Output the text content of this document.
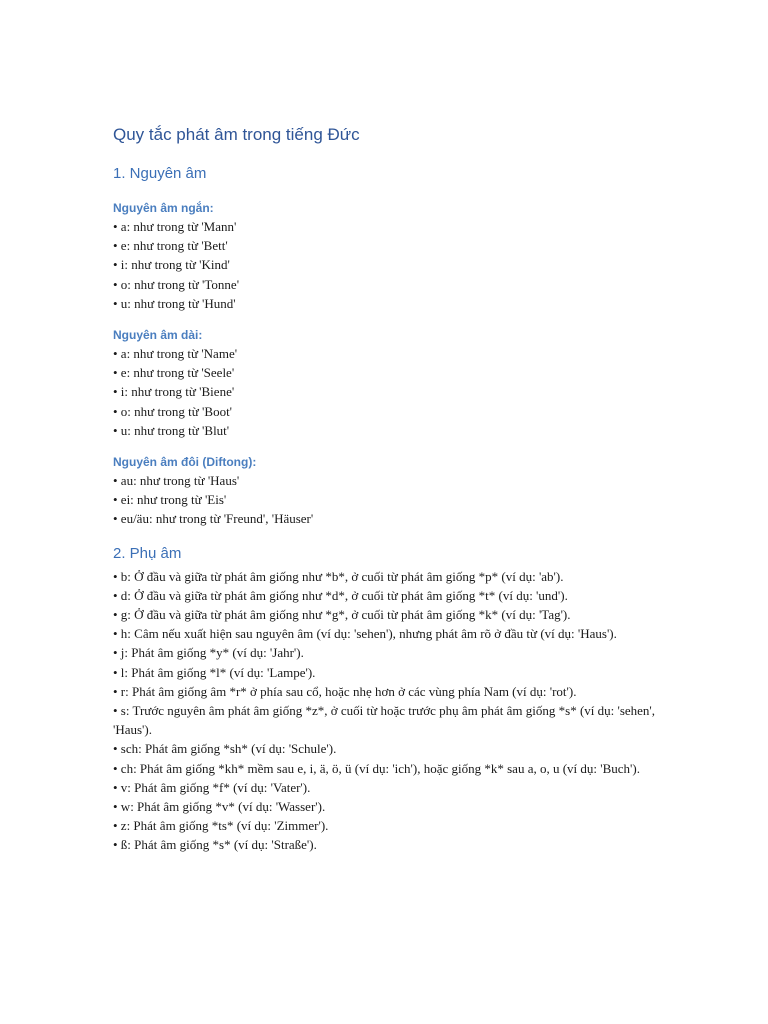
Quy tắc phát âm trong tiếng Đức
1. Nguyên âm
Nguyên âm ngắn:

• a: như trong từ 'Mann'

• e: như trong từ 'Bett'

• i: như trong từ 'Kind'

• o: như trong từ 'Tonne'

• u: như trong từ 'Hund'

Nguyên âm dài:

• a: như trong từ 'Name'

• e: như trong từ 'Seele'

• i: như trong từ 'Biene'

• o: như trong từ 'Boot'

• u: như trong từ 'Blut'

Nguyên âm đôi (Diftong):

• au: như trong từ 'Haus'

• ei: như trong từ 'Eis'

• eu/äu: như trong từ 'Freund', 'Häuser'

2. Phụ âm

• b: Ở đầu và giữa từ phát âm giống như *b*, ở cuối từ phát âm giống *p* (ví dụ: 'ab').

• d: Ở đầu và giữa từ phát âm giống như *d*, ở cuối từ phát âm giống *t* (ví dụ: 'und').

• g: Ở đầu và giữa từ phát âm giống như *g*, ở cuối từ phát âm giống *k* (ví dụ: 'Tag').

• h: Câm nếu xuất hiện sau nguyên âm (ví dụ: 'sehen'), nhưng phát âm rõ ở đầu từ (ví dụ: 'Haus').

• j: Phát âm giống *y* (ví dụ: 'Jahr').

• l: Phát âm giống *l* (ví dụ: 'Lampe').

• r: Phát âm giống âm *r* ở phía sau cổ, hoặc nhẹ hơn ở các vùng phía Nam (ví dụ: 'rot').

• s: Trước nguyên âm phát âm giống *z*, ở cuối từ hoặc trước phụ âm phát âm giống *s* (ví dụ: 'sehen', 'Haus').

• sch: Phát âm giống *sh* (ví dụ: 'Schule').

• ch: Phát âm giống *kh* mềm sau e, i, ä, ö, ü (ví dụ: 'ich'), hoặc giống *k* sau a, o, u (ví dụ: 'Buch').

• v: Phát âm giống *f* (ví dụ: 'Vater').

• w: Phát âm giống *v* (ví dụ: 'Wasser').

• z: Phát âm giống *ts* (ví dụ: 'Zimmer').

• ß: Phát âm giống *s* (ví dụ: 'Straße').
